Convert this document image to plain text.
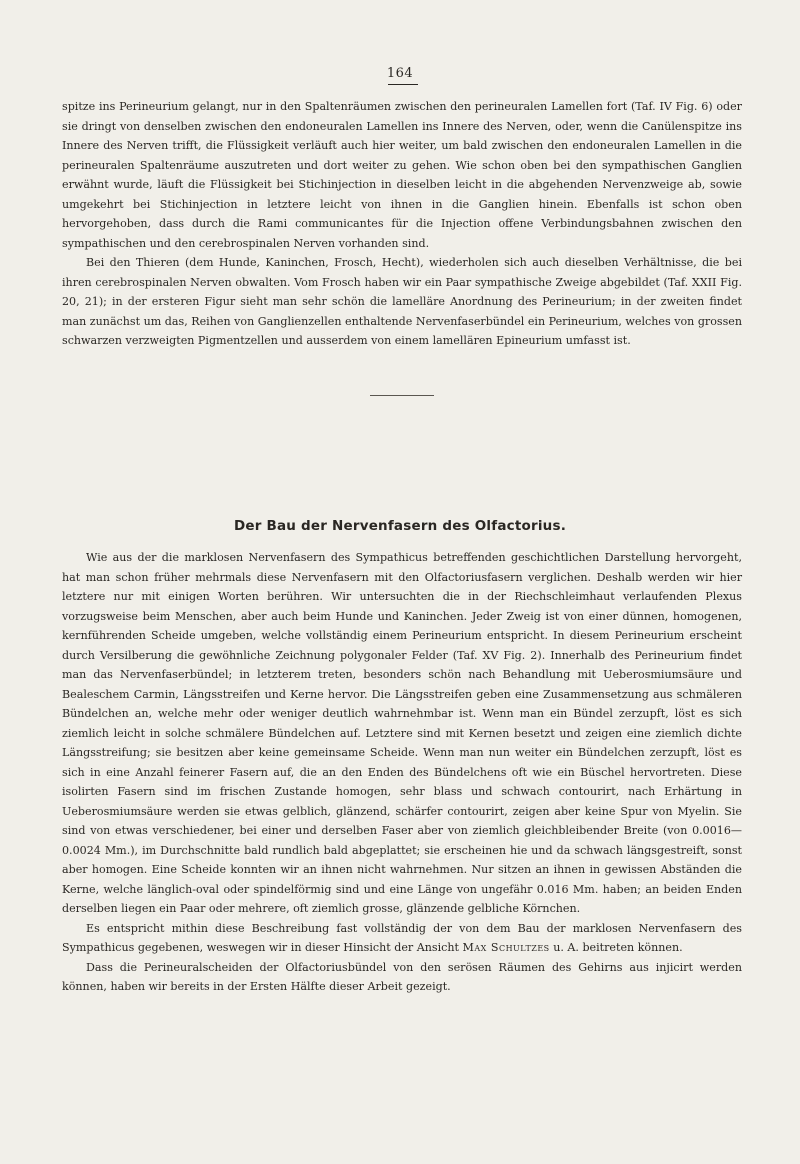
164

spitze ins Perineurium gelangt, nur in den Spaltenräumen zwischen den perineuralen Lamellen fort (Taf. IV Fig. 6) oder sie dringt von denselben zwischen den endoneuralen Lamellen ins Innere des Nerven, oder, wenn die Canülenspitze ins Innere des Nerven trifft, die Flüssigkeit verläuft auch hier weiter, um bald zwischen den endoneuralen Lamellen in die perineuralen Spaltenräume auszutreten und dort weiter zu gehen. Wie schon oben bei den sympathischen Ganglien erwähnt wurde, läuft die Flüssigkeit bei Stichinjection in dieselben leicht in die abgehenden Nervenzweige ab, sowie umgekehrt bei Stichinjection in letztere leicht von ihnen in die Ganglien hinein. Ebenfalls ist schon oben hervorgehoben, dass durch die Rami communicantes für die Injection offene Verbindungsbahnen zwischen den sympathischen und den cerebrospinalen Nerven vorhanden sind.

Bei den Thieren (dem Hunde, Kaninchen, Frosch, Hecht), wiederholen sich auch dieselben Verhältnisse, die bei ihren cerebrospinalen Nerven obwalten. Vom Frosch haben wir ein Paar sympathische Zweige abgebildet (Taf. XXII Fig. 20, 21); in der ersteren Figur sieht man sehr schön die lamelläre Anordnung des Perineurium; in der zweiten findet man zunächst um das, Reihen von Ganglienzellen enthaltende Nervenfaserbündel ein Perineurium, welches von grossen schwarzen verzweigten Pigmentzellen und ausserdem von einem lamellären Epineurium umfasst ist.

Der Bau der Nervenfasern des Olfactorius.

Wie aus der die marklosen Nervenfasern des Sympathicus betreffenden geschichtlichen Darstellung hervorgeht, hat man schon früher mehrmals diese Nervenfasern mit den Olfactoriusfasern verglichen. Deshalb werden wir hier letztere nur mit einigen Worten berühren. Wir untersuchten die in der Riechschleimhaut verlaufenden Plexus vorzugsweise beim Menschen, aber auch beim Hunde und Kaninchen. Jeder Zweig ist von einer dünnen, homogenen, kernführenden Scheide umgeben, welche vollständig einem Perineurium entspricht. In diesem Perineurium erscheint durch Versilberung die gewöhnliche Zeichnung polygonaler Felder (Taf. XV Fig. 2). Innerhalb des Perineurium findet man das Nervenfaserbündel; in letzterem treten, besonders schön nach Behandlung mit Ueberosmiumsäure und Bealeschem Carmin, Längsstreifen und Kerne hervor. Die Längsstreifen geben eine Zusammensetzung aus schmäleren Bündelchen an, welche mehr oder weniger deutlich wahrnehmbar ist. Wenn man ein Bündel zerzupft, löst es sich ziemlich leicht in solche schmälere Bündelchen auf. Letztere sind mit Kernen besetzt und zeigen eine ziemlich dichte Längsstreifung; sie besitzen aber keine gemeinsame Scheide. Wenn man nun weiter ein Bündelchen zerzupft, löst es sich in eine Anzahl feinerer Fasern auf, die an den Enden des Bündelchens oft wie ein Büschel hervortreten. Diese isolirten Fasern sind im frischen Zustande homogen, sehr blass und schwach contourirt, nach Erhärtung in Ueberosmiumsäure werden sie etwas gelblich, glänzend, schärfer contourirt, zeigen aber keine Spur von Myelin. Sie sind von etwas verschiedener, bei einer und derselben Faser aber von ziemlich gleichbleibender Breite (von 0.0016—0.0024 Mm.), im Durchschnitte bald rundlich bald abgeplattet; sie erscheinen hie und da schwach längsgestreift, sonst aber homogen. Eine Scheide konnten wir an ihnen nicht wahrnehmen. Nur sitzen an ihnen in gewissen Abständen die Kerne, welche länglich-oval oder spindelförmig sind und eine Länge von ungefähr 0.016 Mm. haben; an beiden Enden derselben liegen ein Paar oder mehrere, oft ziemlich grosse, glänzende gelbliche Körnchen.

Es entspricht mithin diese Beschreibung fast vollständig der von dem Bau der marklosen Nervenfasern des Sympathicus gegebenen, weswegen wir in dieser Hinsicht der Ansicht Max Schultzes u. A. beitreten können.

Dass die Perineuralscheiden der Olfactoriusbündel von den serösen Räumen des Gehirns aus injicirt werden können, haben wir bereits in der Ersten Hälfte dieser Arbeit gezeigt.
